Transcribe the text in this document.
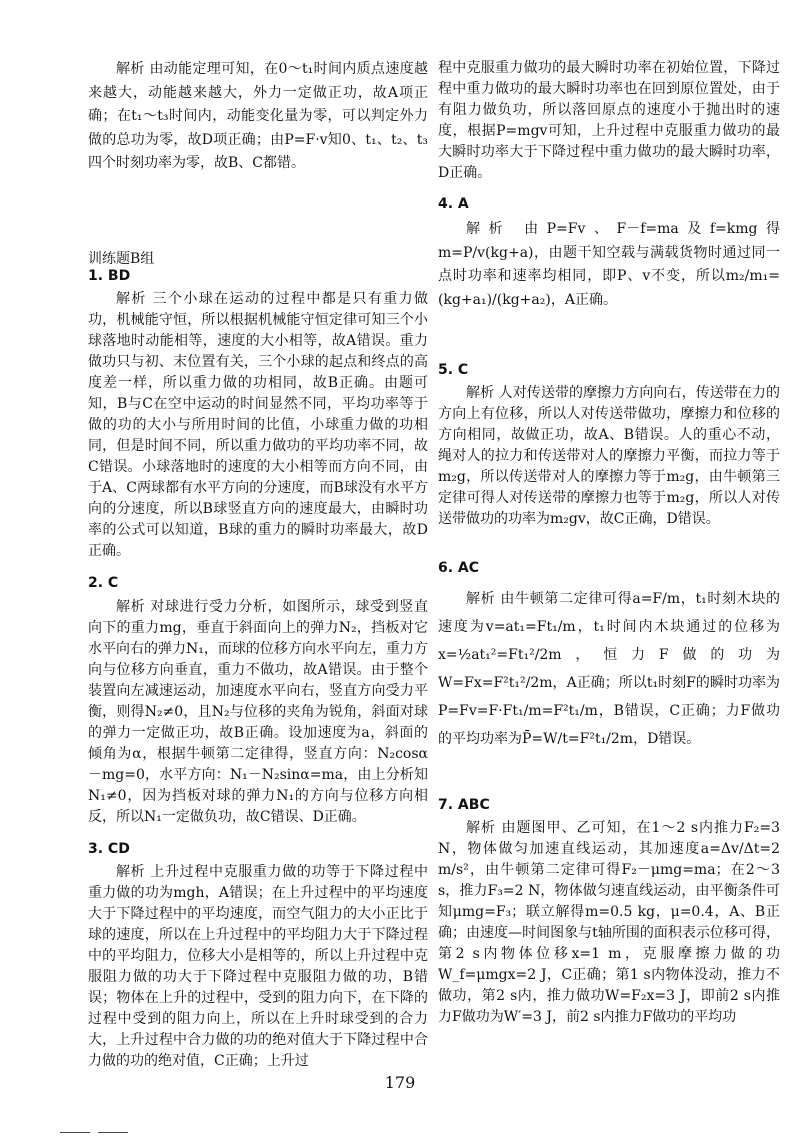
解析 由动能定理可知，在0～t₁时间内质点速度越来越大，动能越来越大，外力一定做正功，故A项正确；在t₁～t₃时间内，动能变化量为零，可以判定外力做的总功为零，故D项正确；由P=F·v知0、t₁、t₂、t₃四个时刻功率为零，故B、C都错。

训练题B组
1. BD

解析 三个小球在运动的过程中都是只有重力做功，机械能守恒，所以根据机械能守恒定律可知三个小球落地时动能相等，速度的大小相等，故A错误。重力做功只与初、末位置有关，三个小球的起点和终点的高度差一样，所以重力做的功相同，故B正确。由题可知，B与C在空中运动的时间显然不同，平均功率等于做的功的大小与所用时间的比值，小球重力做的功相同，但是时间不同，所以重力做功的平均功率不同，故C错误。小球落地时的速度的大小相等而方向不同，由于A、C两球都有水平方向的分速度，而B球没有水平方向的分速度，所以B球竖直方向的速度最大，由瞬时功率的公式可以知道，B球的重力的瞬时功率最大，故D正确。

2. C

解析 对球进行受力分析，如图所示，球受到竖直向下的重力mg，垂直于斜面向上的弹力N₂，挡板对它水平向右的弹力N₁，而球的位移方向水平向左，重力方向与位移方向垂直，重力不做功，故A错误。由于整个装置向左减速运动，加速度水平向右，竖直方向受力平衡，则得N₂≠0，且N₂与位移的夹角为锐角，斜面对球的弹力一定做正功，故B正确。设加速度为a，斜面的倾角为α，根据牛顿第二定律得，竖直方向：N₂cosα－mg=0，水平方向：N₁－N₂sinα=ma，由上分析知N₁≠0，因为挡板对球的弹力N₁的方向与位移方向相反，所以N₁一定做负功，故C错误、D正确。

3. CD

解析 上升过程中克服重力做的功等于下降过程中重力做的功为mgh，A错误；在上升过程中的平均速度大于下降过程中的平均速度，而空气阻力的大小正比于球的速度，所以在上升过程中的平均阻力大于下降过程中的平均阻力，位移大小是相等的，所以上升过程中克服阻力做的功大于下降过程中克服阻力做的功，B错误；物体在上升的过程中，受到的阻力向下，在下降的过程中受到的阻力向上，所以在上升时球受到的合力大，上升过程中合力做的功的绝对值大于下降过程中合力做的功的绝对值，C正确；上升过

程中克服重力做功的最大瞬时功率在初始位置，下降过程中重力做功的最大瞬时功率也在回到原位置处，由于有阻力做负功，所以落回原点的速度小于抛出时的速度，根据P=mgv可知，上升过程中克服重力做功的最大瞬时功率大于下降过程中重力做功的最大瞬时功率，D正确。

4. A

解析 由P=Fv、F－f=ma及f=kmg得m=P/v(kg+a)，由题干知空载与满载货物时通过同一点时功率和速率均相同，即P、v不变，所以m₂/m₁=(kg+a₁)/(kg+a₂)，A正确。

5. C

解析 人对传送带的摩擦力方向向右，传送带在力的方向上有位移，所以人对传送带做功，摩擦力和位移的方向相同，故做正功，故A、B错误。人的重心不动，绳对人的拉力和传送带对人的摩擦力平衡，而拉力等于m₂g，所以传送带对人的摩擦力等于m₂g，由牛顿第三定律可得人对传送带的摩擦力也等于m₂g，所以人对传送带做功的功率为m₂gv，故C正确，D错误。

6. AC

解析 由牛顿第二定律可得a=F/m，t₁时刻木块的速度为v=at₁=Ft₁/m，t₁时间内木块通过的位移为x=½at₁²=Ft₁²/2m，恒力F做的功为W=Fx=F²t₁²/2m，A正确；所以t₁时刻F的瞬时功率为P=Fv=F·Ft₁/m=F²t₁/m，B错误，C正确；力F做功的平均功率为P̄=W/t=F²t₁/2m，D错误。

7. ABC

解析 由题图甲、乙可知，在1～2 s内推力F₂=3 N，物体做匀加速直线运动，其加速度a=Δv/Δt=2 m/s²，由牛顿第二定律可得F₂－μmg=ma；在2～3 s，推力F₃=2 N，物体做匀速直线运动，由平衡条件可知μmg=F₃；联立解得m=0.5 kg，μ=0.4，A、B正确；由速度—时间图象与t轴所围的面积表示位移可得，第2 s内物体位移x=1 m，克服摩擦力做的功W_f=μmgx=2 J，C正确；第1 s内物体没动，推力不做功，第2 s内，推力做功W=F₂x=3 J，即前2 s内推力F做功为W′=3 J，前2 s内推力F做功的平均功

179
